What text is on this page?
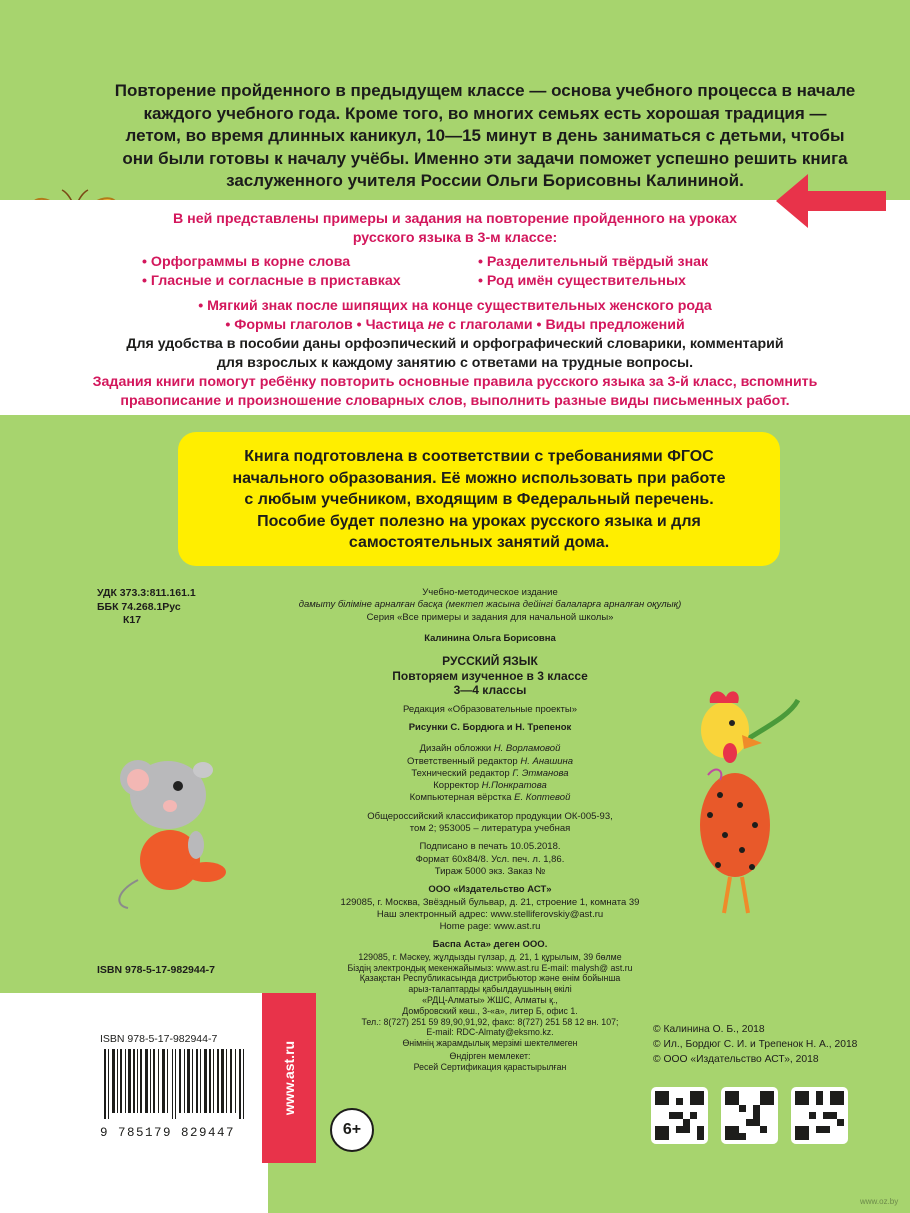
Повторение пройденного в предыдущем классе — основа учебного процесса в начале
каждого учебного года. Кроме того, во многих семьях есть хорошая традиция —
летом, во время длинных каникул, 10—15 минут в день заниматься с детьми, чтобы
они были готовы к началу учёбы. Именно эти задачи поможет успешно решить книга
заслуженного учителя России Ольги Борисовны Калининой.
В ней представлены примеры и задания на повторение пройденного на уроках
русского языка в 3-м классе:
• Орфограммы в корне слова
• Гласные и согласные в приставках
• Разделительный твёрдый знак
• Род имён существительных
• Мягкий знак после шипящих на конце существительных женского рода
• Формы глаголов • Частица не с глаголами • Виды предложений
Для удобства в пособии даны орфоэпический и орфографический словарики, комментарий
для взрослых к каждому занятию с ответами на трудные вопросы.
Задания книги помогут ребёнку повторить основные правила русского языка за 3-й класс, вспомнить
правописание и произношение словарных слов, выполнить разные виды письменных работ.
Книга подготовлена в соответствии с требованиями ФГОС
начального образования. Её можно использовать при работе
с любым учебником, входящим в Федеральный перечень.
Пособие будет полезно на уроках русского языка и для
самостоятельных занятий дома.
УДК 373.3:811.161.1
ББК 74.268.1Рус
К17
Учебно-методическое издание
дамыту білiмiне арналған басқа (мектеп жасына дейінгі балаларға арналған оқулық)
Серия «Все примеры и задания для начальной школы»
Калинина Ольга Борисовна
РУССКИЙ ЯЗЫК
Повторяем изученное в 3 классе
3—4 классы
Редакция «Образовательные проекты»
Рисунки С. Бордюга и Н. Трепенок
Дизайн обложки Н. Ворламовой
Ответственный редактор Н. Анашина
Технический редактор Г. Этманова
Корректор Н.Понкратова
Компьютерная вёрстка Е. Коптевой
Общероссийский классификатор продукции ОК-005-93,
том 2; 953005 – литература учебная
Подписано в печать 10.05.2018.
Формат 60x84/8. Усл. печ. л. 1,86.
Тираж 5000 экз. Заказ №
ООО «Издательство АСТ»
129085, г. Москва, Звёздный бульвар, д. 21, строение 1, комната 39
Наш электронный адрес: www.stelliferovskiy@ast.ru
Home page: www.ast.ru
Баспа Аста» деген ООО.
129085, г. Мәскеу, жұлдызды гүлзар, д. 21, 1 құрылым, 39 бөлме
Біздің электрондық мекенжайымыз: www.ast.ru E-mail: malysh@ ast.ru
Қазақстан Республикасында дистрибьютор және өнім бойынша
арыз-талаптарды қабылдаушының өкілі
«РДЦ-Алматы» ЖШС, Алматы қ.,
Домбровский көш., 3-«а», литер Б, офис 1.
Тел.: 8(727) 251 59 89,90,91,92, факс: 8(727) 251 58 12 вн. 107;
E-mail: RDC-Almaty@eksmo.kz.
Өнімнің жарамдылық мерзімі шектелмеген
Өндірген мемлекет:
Ресей Сертификация қарастырылған
ISBN 978-5-17-982944-7
www.ast.ru
ISBN 978-5-17-982944-7
9 785179 829447	6+
© Калинина О. Б., 2018
© Ил., Бордюг С. И. и Трепенок Н. А., 2018
© ООО «Издательство АСТ», 2018
www.oz.by
